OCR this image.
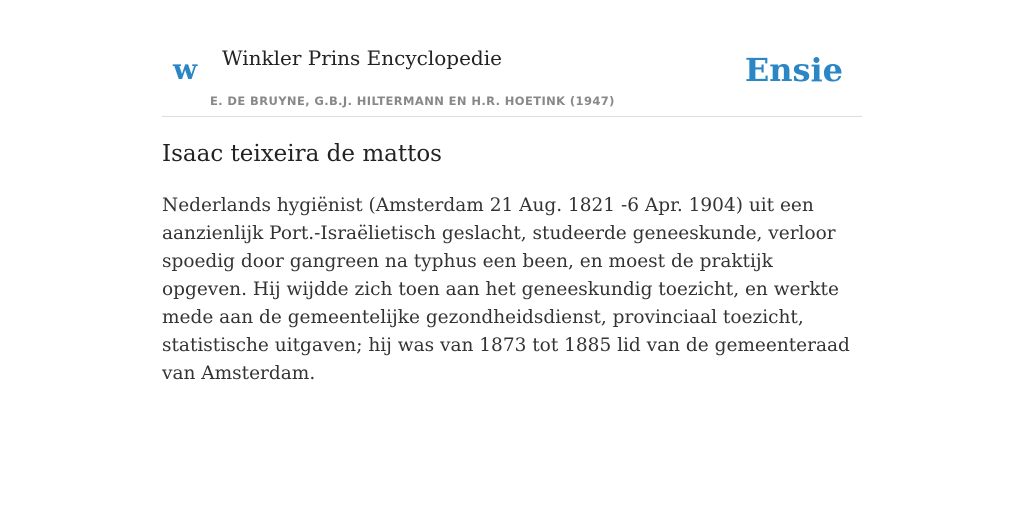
w Winkler Prins Encyclopedie
E. DE BRUYNE, G.B.J. HILTERMANN EN H.R. HOETINK (1947)
Ensie
Isaac teixeira de mattos

Nederlands hygiënist (Amsterdam 21 Aug. 1821 -6 Apr. 1904) uit een aanzienlijk Port.-Israëlietisch geslacht, studeerde geneeskunde, verloor spoedig door gangreen na typhus een been, en moest de praktijk opgeven. Hij wijdde zich toen aan het geneeskundig toezicht, en werkte mede aan de gemeentelijke gezondheidsdienst, provinciaal toezicht, statistische uitgaven; hij was van 1873 tot 1885 lid van de gemeenteraad van Amsterdam.
